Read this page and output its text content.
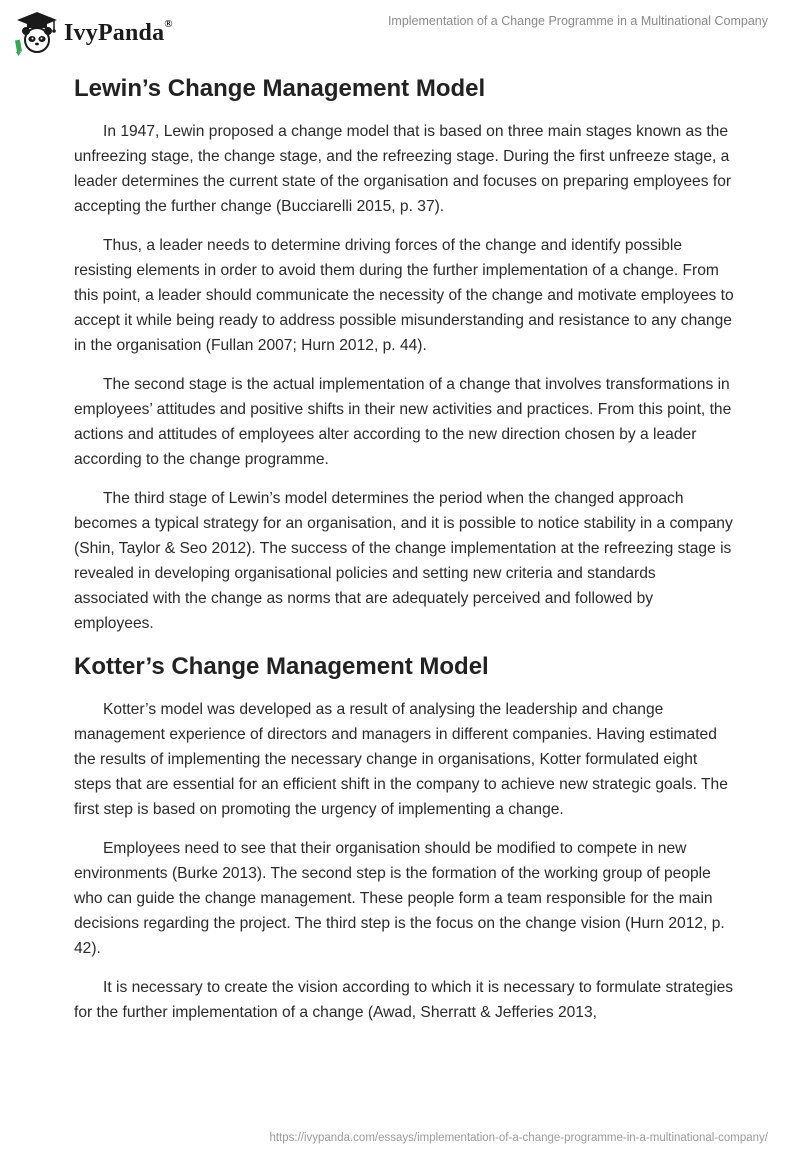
IvyPanda®	Implementation of a Change Programme in a Multinational Company
Lewin’s Change Management Model

In 1947, Lewin proposed a change model that is based on three main stages known as the unfreezing stage, the change stage, and the refreezing stage. During the first unfreeze stage, a leader determines the current state of the organisation and focuses on preparing employees for accepting the further change (Bucciarelli 2015, p. 37).

Thus, a leader needs to determine driving forces of the change and identify possible resisting elements in order to avoid them during the further implementation of a change. From this point, a leader should communicate the necessity of the change and motivate employees to accept it while being ready to address possible misunderstanding and resistance to any change in the organisation (Fullan 2007; Hurn 2012, p. 44).

The second stage is the actual implementation of a change that involves transformations in employees’ attitudes and positive shifts in their new activities and practices. From this point, the actions and attitudes of employees alter according to the new direction chosen by a leader according to the change programme.

The third stage of Lewin’s model determines the period when the changed approach becomes a typical strategy for an organisation, and it is possible to notice stability in a company (Shin, Taylor & Seo 2012). The success of the change implementation at the refreezing stage is revealed in developing organisational policies and setting new criteria and standards associated with the change as norms that are adequately perceived and followed by employees.

Kotter’s Change Management Model

Kotter’s model was developed as a result of analysing the leadership and change management experience of directors and managers in different companies. Having estimated the results of implementing the necessary change in organisations, Kotter formulated eight steps that are essential for an efficient shift in the company to achieve new strategic goals. The first step is based on promoting the urgency of implementing a change.

Employees need to see that their organisation should be modified to compete in new environments (Burke 2013). The second step is the formation of the working group of people who can guide the change management. These people form a team responsible for the main decisions regarding the project. The third step is the focus on the change vision (Hurn 2012, p. 42).

It is necessary to create the vision according to which it is necessary to formulate strategies for the further implementation of a change (Awad, Sherratt & Jefferies 2013,

https://ivypanda.com/essays/implementation-of-a-change-programme-in-a-multinational-company/
